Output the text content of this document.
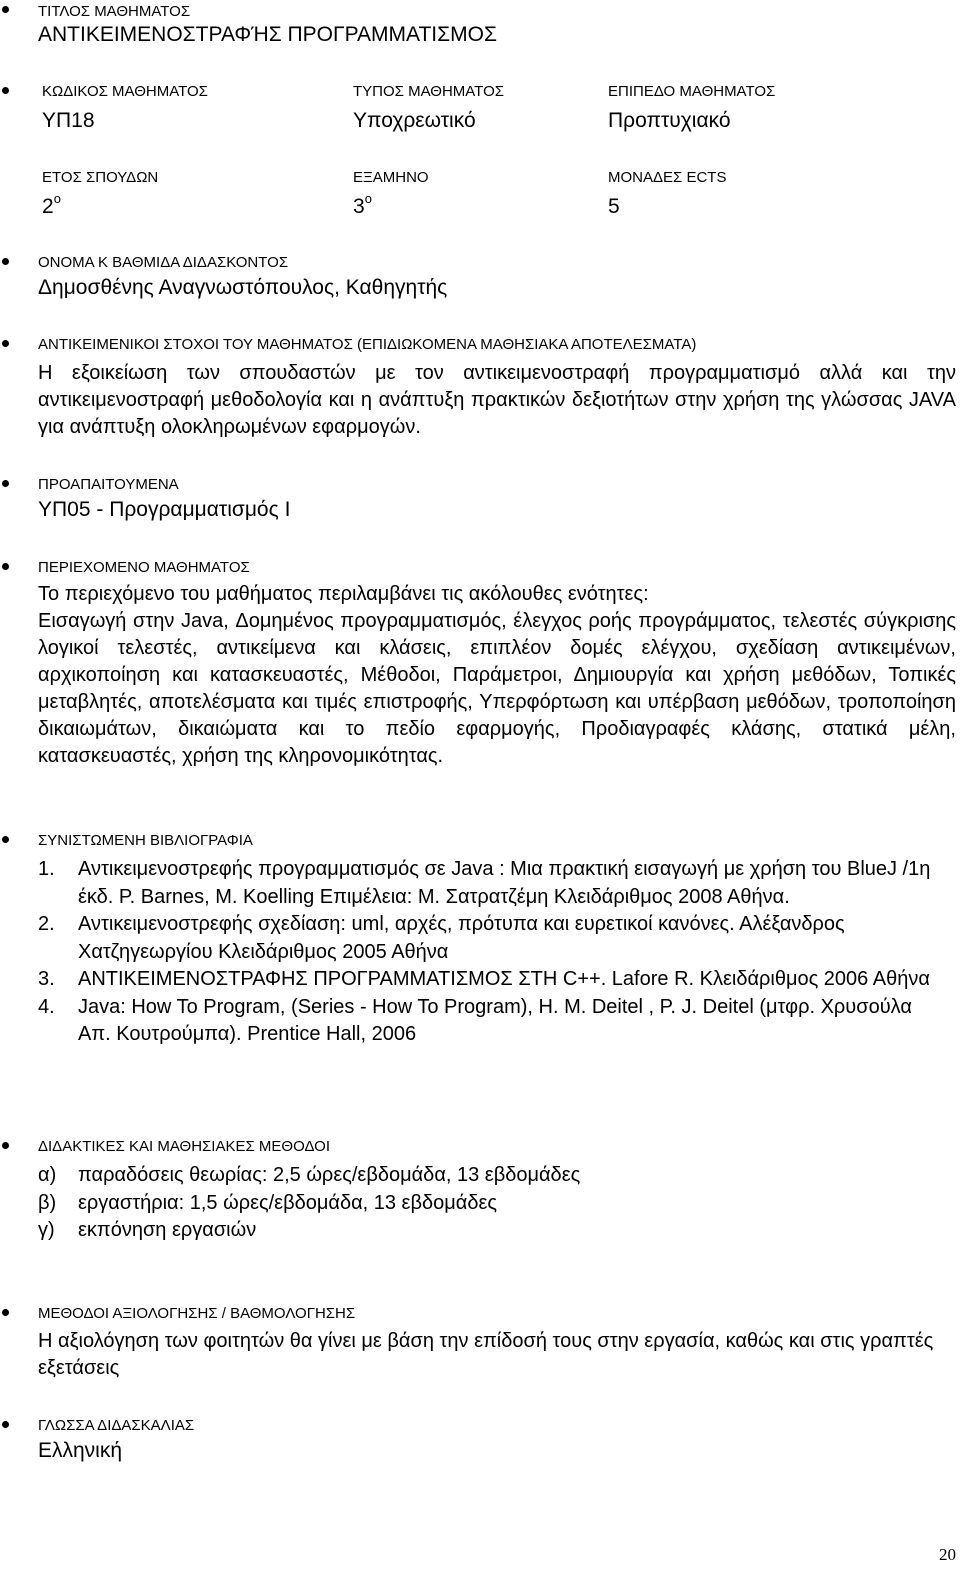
ΤΙΤΛΟΣ ΜΑΘΗΜΑΤΟΣ
ΑΝΤΙΚΕΙΜΕΝΟΣΤΡΑΦΉΣ ΠΡΟΓΡΑΜΜΑΤΙΣΜΟΣ
ΚΩΔΙΚΟΣ ΜΑΘΗΜΑΤΟΣ
ΥΠ18
ΤΥΠΟΣ ΜΑΘΗΜΑΤΟΣ
Υποχρεωτικό
ΕΠΙΠΕΔΟ ΜΑΘΗΜΑΤΟΣ
Προπτυχιακό
ΕΤΟΣ ΣΠΟΥΔΩΝ
$2^o$
ΕΞΑΜΗΝΟ
$3^o$
ΜΟΝΑΔΕΣ ECTS
5
ΟΝΟΜΑ Κ ΒΑΘΜΙΔΑ ΔΙΔΑΣΚΟΝΤΟΣ
Δημοσθένης Αναγνωστόπουλος, Καθηγητής
ΑΝΤΙΚΕΙΜΕΝΙΚΟΙ ΣΤΟΧΟΙ ΤΟΥ ΜΑΘΗΜΑΤΟΣ (ΕΠΙΔΙΩΚΟΜΕΝΑ ΜΑΘΗΣΙΑΚΑ ΑΠΟΤΕΛΕΣΜΑΤΑ)
Η εξοικείωση των σπουδαστών με τον αντικειμενοστραφή προγραμματισμό αλλά και την αντικειμενοστραφή μεθοδολογία και η ανάπτυξη πρακτικών δεξιοτήτων στην χρήση της γλώσσας JAVA για ανάπτυξη ολοκληρωμένων εφαρμογών.
ΠΡΟΑΠΑΙΤΟΥΜΕΝΑ
ΥΠ05 - Προγραμματισμός Ι
ΠΕΡΙΕΧΟΜΕΝΟ ΜΑΘΗΜΑΤΟΣ
Το περιεχόμενο του μαθήματος περιλαμβάνει τις ακόλουθες ενότητες:
Εισαγωγή στην Java, Δομημένος προγραμματισμός, έλεγχος ροής προγράμματος, τελεστές σύγκρισης λογικοί τελεστές, αντικείμενα και κλάσεις, επιπλέον δομές ελέγχου, σχεδίαση αντικειμένων, αρχικοποίηση και κατασκευαστές, Μέθοδοι, Παράμετροι, Δημιουργία και χρήση μεθόδων, Τοπικές μεταβλητές, αποτελέσματα και τιμές επιστροφής, Υπερφόρτωση και υπέρβαση μεθόδων, τροποποίηση δικαιωμάτων, δικαιώματα και το πεδίο εφαρμογής, Προδιαγραφές κλάσης, στατικά μέλη, κατασκευαστές, χρήση της κληρονομικότητας.
ΣΥΝΙΣΤΩΜΕΝΗ ΒΙΒΛΙΟΓΡΑΦΙΑ
1. Αντικειμενοστρεφής προγραμματισμός σε Java : Μια πρακτική εισαγωγή με χρήση του BlueJ /1η έκδ. P. Barnes, M. Koelling Επιμέλεια: Μ. Σατρατζέμη Κλειδάριθμος 2008 Αθήνα.
2. Αντικειμενοστρεφής σχεδίαση: uml, αρχές, πρότυπα και ευρετικοί κανόνες. Αλέξανδρος Χατζηγεωργίου Κλειδάριθμος 2005 Αθήνα
3. ΑΝΤΙΚΕΙΜΕΝΟΣΤΡΑΦΗΣ ΠΡΟΓΡΑΜΜΑΤΙΣΜΟΣ ΣΤΗ C++. Lafore R. Κλειδάριθμος 2006 Αθήνα
4. Java: How To Program, (Series - How To Program), H. M. Deitel , P. J. Deitel (μτφρ. Χρυσούλα Απ. Κουτρούμπα). Prentice Hall, 2006
ΔΙΔΑΚΤΙΚΕΣ ΚΑΙ ΜΑΘΗΣΙΑΚΕΣ ΜΕΘΟΔΟΙ
α) παραδόσεις θεωρίας: 2,5 ώρες/εβδομάδα, 13 εβδομάδες
β) εργαστήρια: 1,5 ώρες/εβδομάδα, 13 εβδομάδες
γ) εκπόνηση εργασιών
ΜΕΘΟΔΟΙ ΑΞΙΟΛΟΓΗΣΗΣ / ΒΑΘΜΟΛΟΓΗΣΗΣ
Η αξιολόγηση των φοιτητών θα γίνει με βάση την επίδοσή τους στην εργασία, καθώς και στις γραπτές εξετάσεις
ΓΛΩΣΣΑ ΔΙΔΑΣΚΑΛΙΑΣ
Ελληνική
20
